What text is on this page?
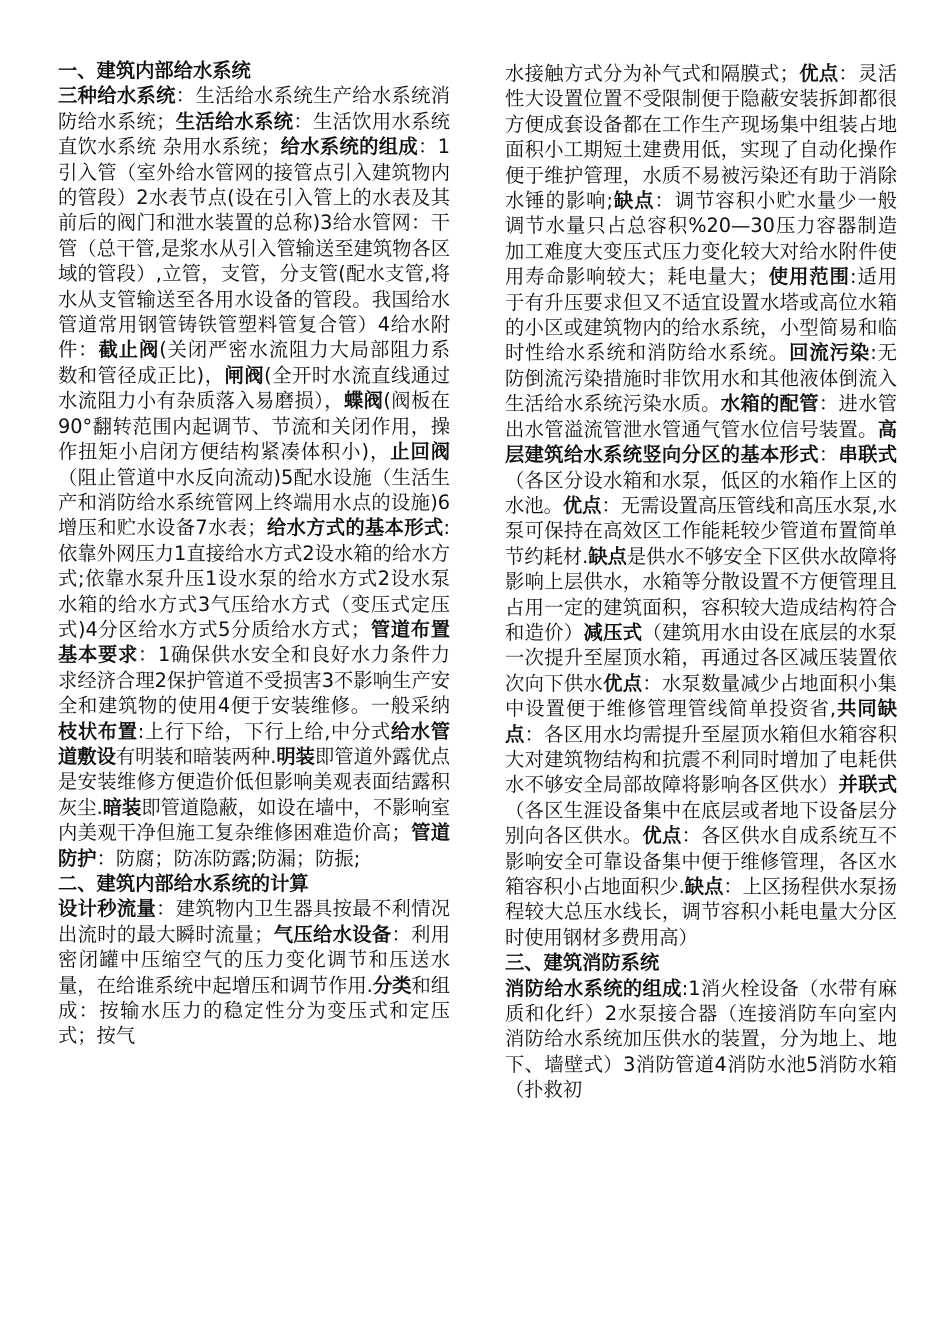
一、建筑内部给水系统

三种给水系统：生活给水系统生产给水系统消防给水系统；生活给水系统：生活饮用水系统 直饮水系统 杂用水系统；给水系统的组成：1引入管（室外给水管网的接管点引入建筑物内的管段）2水表节点(设在引入管上的水表及其前后的阀门和泄水装置的总称)3给水管网：干管（总干管,是浆水从引入管输送至建筑物各区域的管段）,立管，支管，分支管(配水支管,将水从支管输送至各用水设备的管段。我国给水管道常用钢管铸铁管塑料管复合管）4给水附件：截止阀(关闭严密水流阻力大局部阻力系数和管径成正比)，闸阀(全开时水流直线通过水流阻力小有杂质落入易磨损），蝶阀(阀板在90°翻转范围内起调节、节流和关闭作用，操作扭矩小启闭方便结构紧凑体积小)，止回阀（阻止管道中水反向流动)5配水设施（生活生产和消防给水系统管网上终端用水点的设施)6增压和贮水设备7水表；给水方式的基本形式:依靠外网压力1直接给水方式2设水箱的给水方式;依靠水泵升压1设水泵的给水方式2设水泵水箱的给水方式3气压给水方式（变压式定压式)4分区给水方式5分质给水方式；管道布置基本要求：1确保供水安全和良好水力条件力求经济合理2保护管道不受损害3不影响生产安全和建筑物的使用4便于安装维修。一般采纳枝状布置:上行下给，下行上给,中分式给水管道敷设有明装和暗装两种.明装即管道外露优点是安装维修方便造价低但影响美观表面结露积灰尘.暗装即管道隐蔽，如设在墙中，不影响室内美观干净但施工复杂维修困难造价高；管道防护：防腐；防冻防露;防漏；防振;

二、建筑内部给水系统的计算

设计秒流量：建筑物内卫生器具按最不利情况出流时的最大瞬时流量；气压给水设备：利用密闭罐中压缩空气的压力变化调节和压送水量，在给谁系统中起增压和调节作用.分类和组成：按输水压力的稳定性分为变压式和定压式；按气

水接触方式分为补气式和隔膜式；优点：灵活性大设置位置不受限制便于隐蔽安装拆卸都很方便成套设备都在工作生产现场集中组装占地面积小工期短土建费用低，实现了自动化操作便于维护管理，水质不易被污染还有助于消除水锤的影响;缺点：调节容积小贮水量少一般调节水量只占总容积%20—30压力容器制造加工难度大变压式压力变化较大对给水附件使用寿命影响较大；耗电量大；使用范围:适用于有升压要求但又不适宜设置水塔或高位水箱的小区或建筑物内的给水系统，小型简易和临时性给水系统和消防给水系统。回流污染:无防倒流污染措施时非饮用水和其他液体倒流入生活给水系统污染水质。水箱的配管：进水管出水管溢流管泄水管通气管水位信号装置。高层建筑给水系统竖向分区的基本形式：串联式（各区分设水箱和水泵，低区的水箱作上区的水池。优点：无需设置高压管线和高压水泵,水泵可保持在高效区工作能耗较少管道布置简单节约耗材.缺点是供水不够安全下区供水故障将影响上层供水，水箱等分散设置不方便管理且占用一定的建筑面积，容积较大造成结构符合和造价）减压式（建筑用水由设在底层的水泵一次提升至屋顶水箱，再通过各区减压装置依次向下供水优点：水泵数量减少占地面积小集中设置便于维修管理管线简单投资省,共同缺点：各区用水均需提升至屋顶水箱但水箱容积大对建筑物结构和抗震不利同时增加了电耗供水不够安全局部故障将影响各区供水）并联式（各区生涯设备集中在底层或者地下设备层分别向各区供水。优点：各区供水自成系统互不影响安全可靠设备集中便于维修管理，各区水箱容积小占地面积少.缺点：上区扬程供水泵扬程较大总压水线长，调节容积小耗电量大分区时使用钢材多费用高）

三、建筑消防系统

消防给水系统的组成:1消火栓设备（水带有麻质和化纤）2水泵接合器（连接消防车向室内消防给水系统加压供水的装置，分为地上、地下、墙壁式）3消防管道4消防水池5消防水箱（扑救初
